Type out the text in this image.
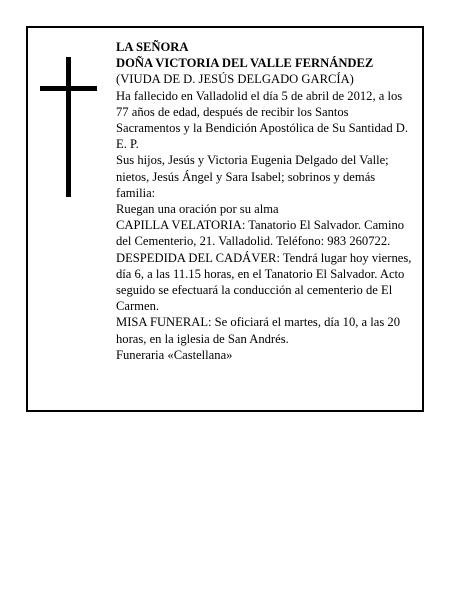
LA SEÑORA

DOÑA VICTORIA DEL VALLE FERNÁNDEZ

(VIUDA DE D. JESÚS DELGADO GARCÍA)

Ha fallecido en Valladolid el día 5 de abril de 2012, a los 77 años de edad, después de recibir los Santos Sacramentos y la Bendición Apostólica de Su Santidad D. E. P.

Sus hijos, Jesús y Victoria Eugenia Delgado del Valle; nietos, Jesús Ángel y Sara Isabel; sobrinos y demás familia:

Ruegan una oración por su alma

CAPILLA VELATORIA: Tanatorio El Salvador. Camino del Cementerio, 21. Valladolid. Teléfono: 983 260722.

DESPEDIDA DEL CADÁVER: Tendrá lugar hoy viernes, día 6, a las 11.15 horas, en el Tanatorio El Salvador. Acto seguido se efectuará la conducción al cementerio de El Carmen.

MISA FUNERAL: Se oficiará el martes, día 10, a las 20 horas, en la iglesia de San Andrés.

Funeraria «Castellana»
